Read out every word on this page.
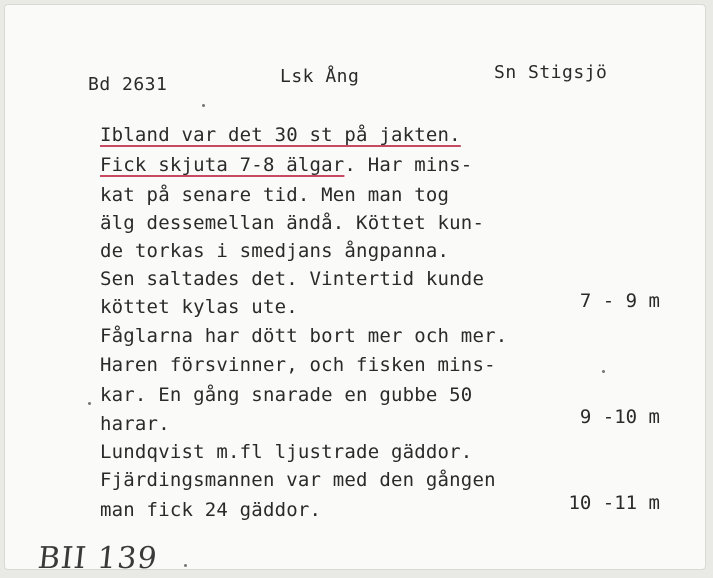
Bd 2631	Lsk Ång	Sn Stigsjö
Ibland var det 30 st på jakten.
Fick skjuta 7-8 älgar. Har mins-
kat på senare tid. Men man tog
älg dessemellan ändå. Köttet kun-
de torkas i smedjans ångpanna.
Sen saltades det. Vintertid kunde
köttet kylas ute.
Fåglarna har dött bort mer och mer.
Haren försvinner, och fisken mins-
kar. En gång snarade en gubbe 50
harar.
Lundqvist m.fl ljustrade gäddor.
Fjärdingsmannen var med den gången
man fick 24 gäddor.
7 - 9 m
9 -10 m
10 -11 m
BII 139
